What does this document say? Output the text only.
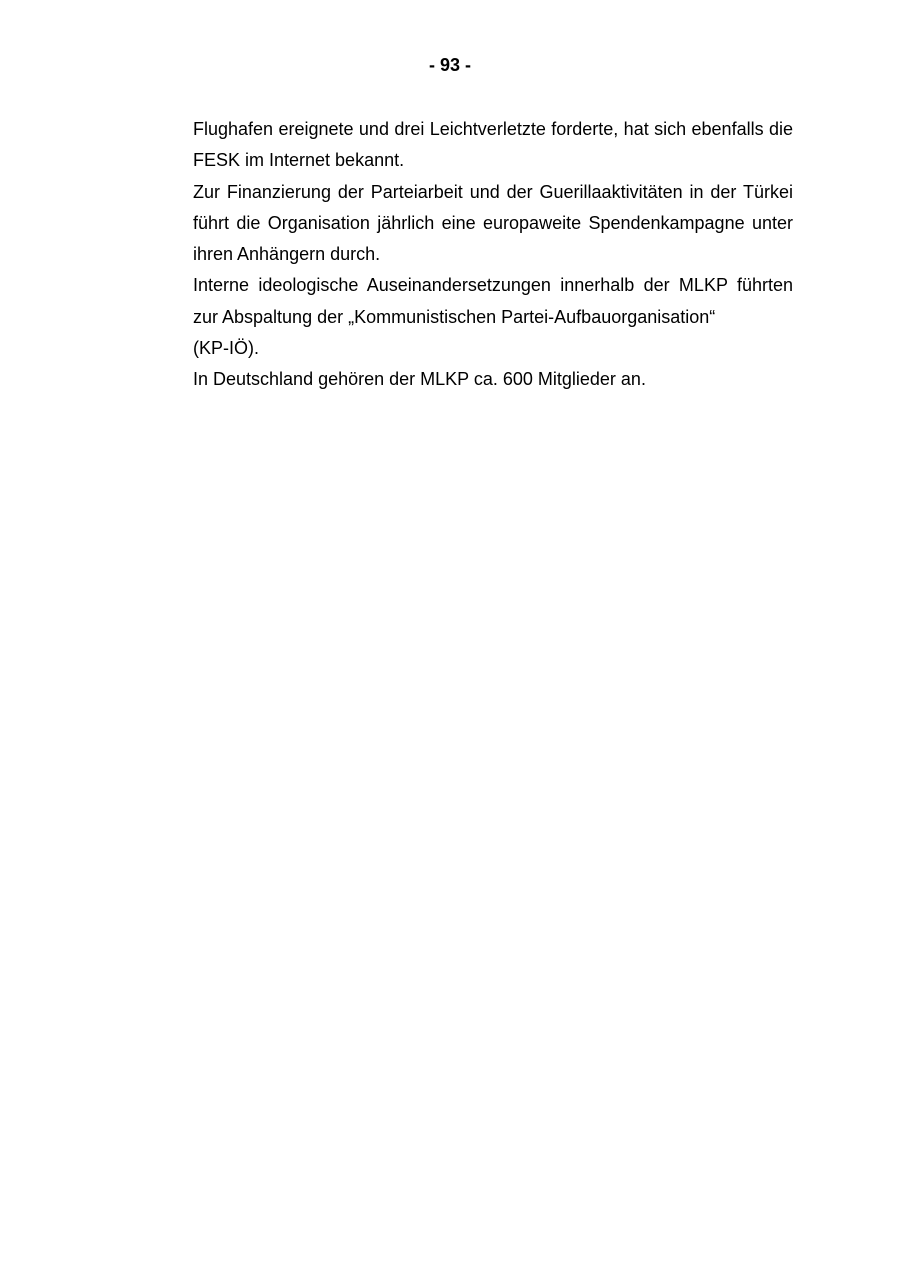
- 93 -

Flughafen ereignete und drei Leichtverletzte forderte, hat sich ebenfalls die FESK im Internet bekannt.

Zur Finanzierung der Parteiarbeit und der Guerillaaktivitäten in der Türkei führt die Organisation jährlich eine europaweite Spendenkampagne unter ihren Anhängern durch.

Interne ideologische Auseinandersetzungen innerhalb der MLKP führten zur Abspaltung der „Kommunistischen Partei-Aufbauorganisation“

(KP-IÖ).

In Deutschland gehören der MLKP ca. 600 Mitglieder an.
